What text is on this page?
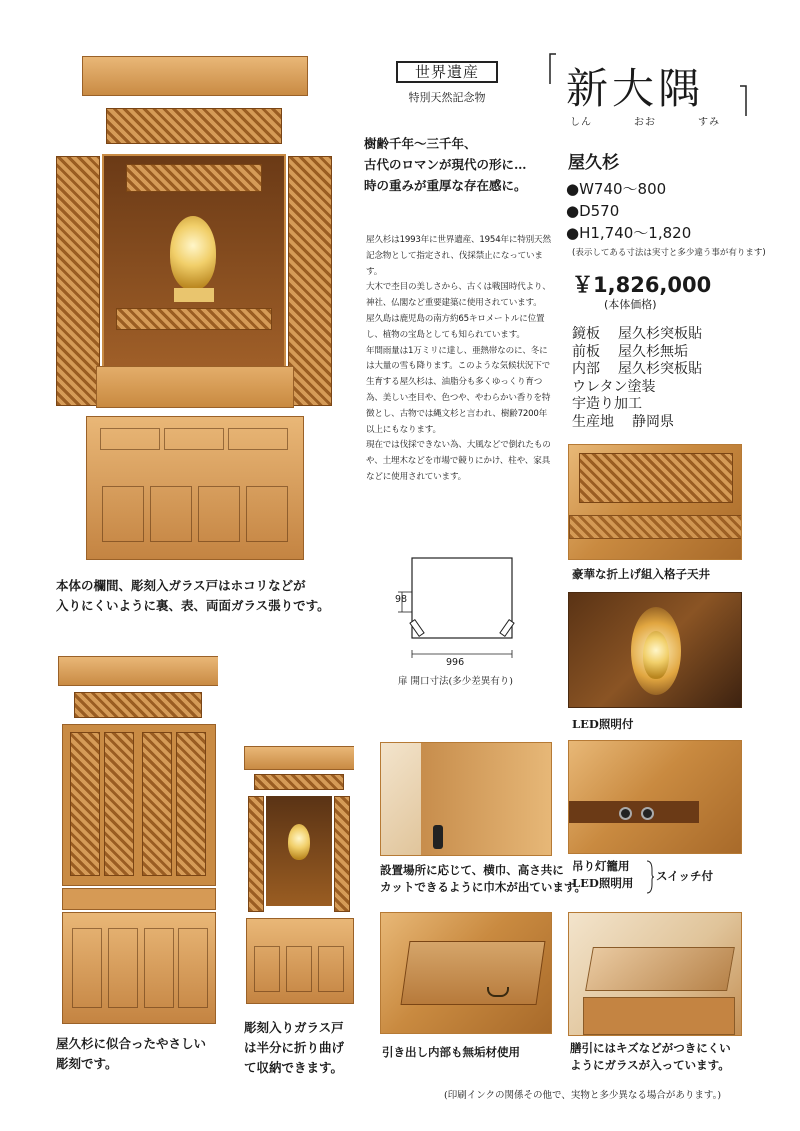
本体の欄間、彫刻入ガラス戸はホコリなどが
入りにくいように裏、表、両面ガラス張りです。
世界遺産
特別天然記念物	新大隅
しん	おお	すみ
樹齢千年～三千年、
古代のロマンが現代の形に…
時の重みが重厚な存在感に。
屋久杉は1993年に世界遺産、1954年に特別天然記念物として指定され、伐採禁止になっています。
大木で杢目の美しさから、古くは戦国時代より、神社、仏閣など重要建築に使用されています。
屋久島は鹿児島の南方約65キロメートルに位置し、植物の宝島としても知られています。
年間雨量は1万ミリに達し、亜熱帯なのに、冬には大量の雪も降ります。このような気候状況下で生育する屋久杉は、油脂分も多くゆっくり育つ為、美しい杢目や、色つや、やわらかい香りを特徴とし、古物では縄文杉と言われ、樹齢7200年以上にもなります。
現在では伐採できない為、大風などで倒れたものや、土埋木などを市場で競りにかけ、柱や、家具などに使用されています。
屋久杉
●W740～800
●D570
●H1,740～1,820
(表示してある寸法は実寸と多少違う事が有ります)
￥1,826,000
(本体価格)
鏡板 屋久杉突板貼
前板 屋久杉無垢
内部 屋久杉突板貼
ウレタン塗装
宇造り加工
生産地 静岡県
98
996
扉 開口寸法(多少差異有り)
豪華な折上げ組入格子天井
LED照明付
吊り灯籠用
LED照明用 スイッチ付
膳引にはキズなどがつきにくい
ようにガラスが入っています。
設置場所に応じて、横巾、高さ共に
カットできるように巾木が出ています。
引き出し内部も無垢材使用
屋久杉に似合ったやさしい
彫刻です。
彫刻入りガラス戸
は半分に折り曲げ
て収納できます。
(印刷インクの関係その他で、実物と多少異なる場合があります。)
